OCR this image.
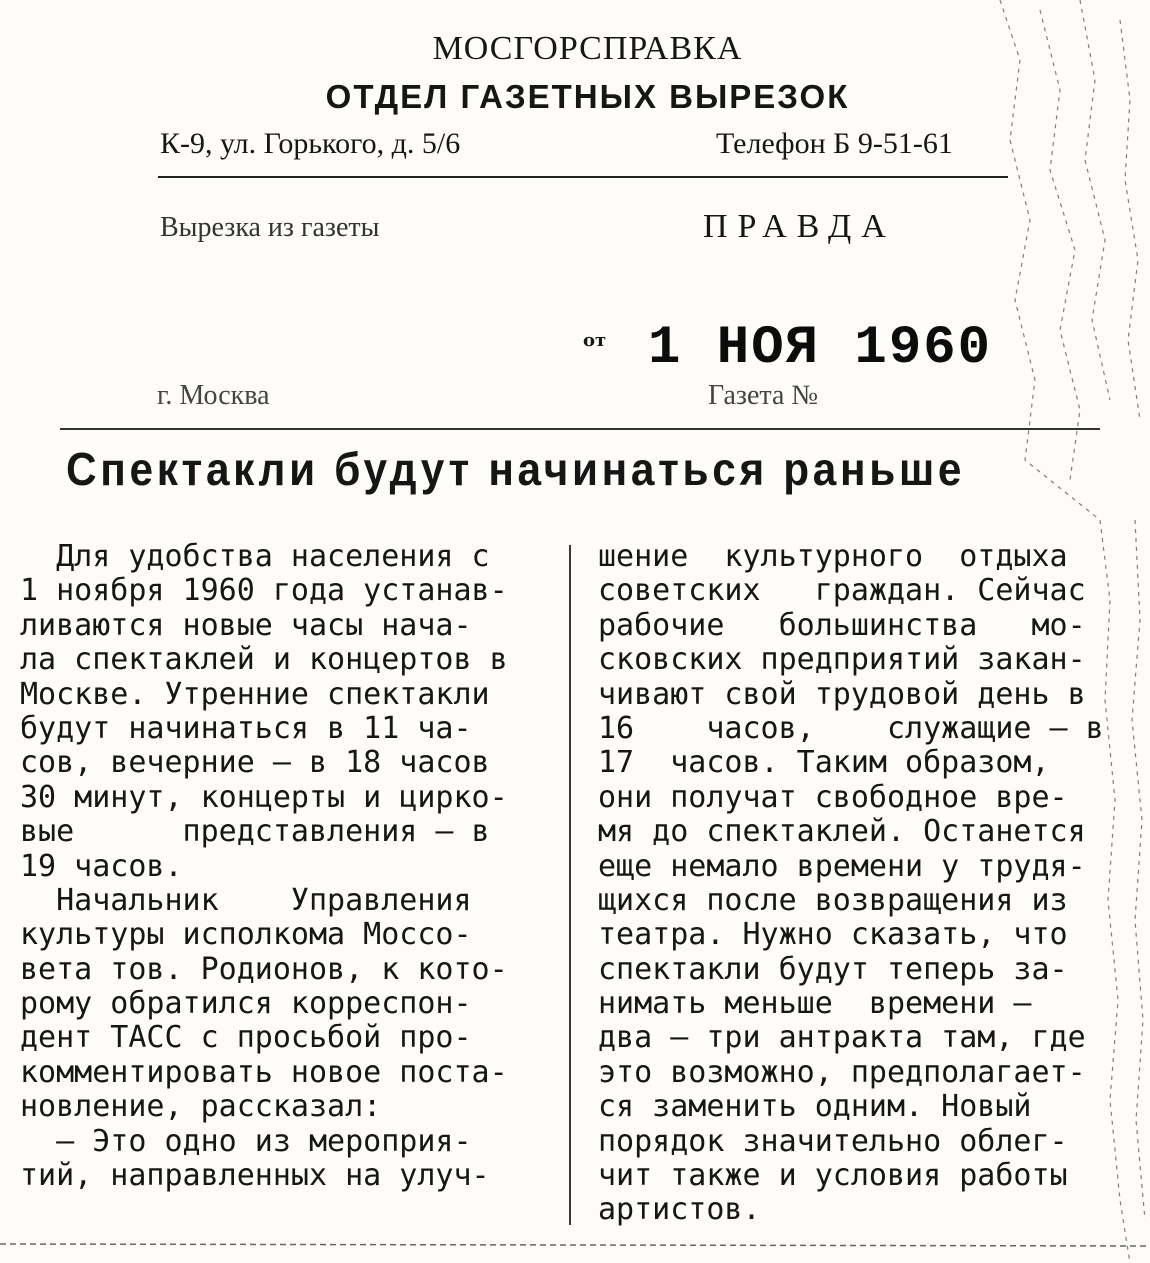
МОСГОРСПРАВКА
ОТДЕЛ ГАЗЕТНЫХ ВЫРЕЗОК
К-9, ул. Горького, д. 5/6	Телефон Б 9-51-61
Вырезка из газеты	ПРАВДА
от 1 НОЯ 1960
г. Москва	Газета №
Спектакли будут начинаться раньше
Для удобства населения с
1 ноября 1960 года устанав-
ливаются новые часы нача-
ла спектаклей и концертов в
Москве. Утренние спектакли
будут начинаться в 11 ча-
сов, вечерние — в 18 часов
30 минут, концерты и цирко-
вые      представления — в
19 часов.
Начальник    Управления
культуры исполкома Моссо-
вета тов. Родионов, к кото-
рому обратился корреспон-
дент ТАСС с просьбой про-
комментировать новое поста-
новление, рассказал:
— Это одно из мероприя-
тий, направленных на улуч-
шение  культурного  отдыха
советских   граждан. Сейчас
рабочие   большинства   мо-
сковских предприятий закан-
чивают свой трудовой день в
16    часов,    служащие — в
17  часов. Таким образом,
они получат свободное вре-
мя до спектаклей. Останется
еще немало времени у трудя-
щихся после возвращения из
театра. Нужно сказать, что
спектакли будут теперь за-
нимать меньше  времени —
два — три антракта там, где
это возможно, предполагает-
ся заменить одним. Новый
порядок значительно облег-
чит также и условия работы
артистов.
